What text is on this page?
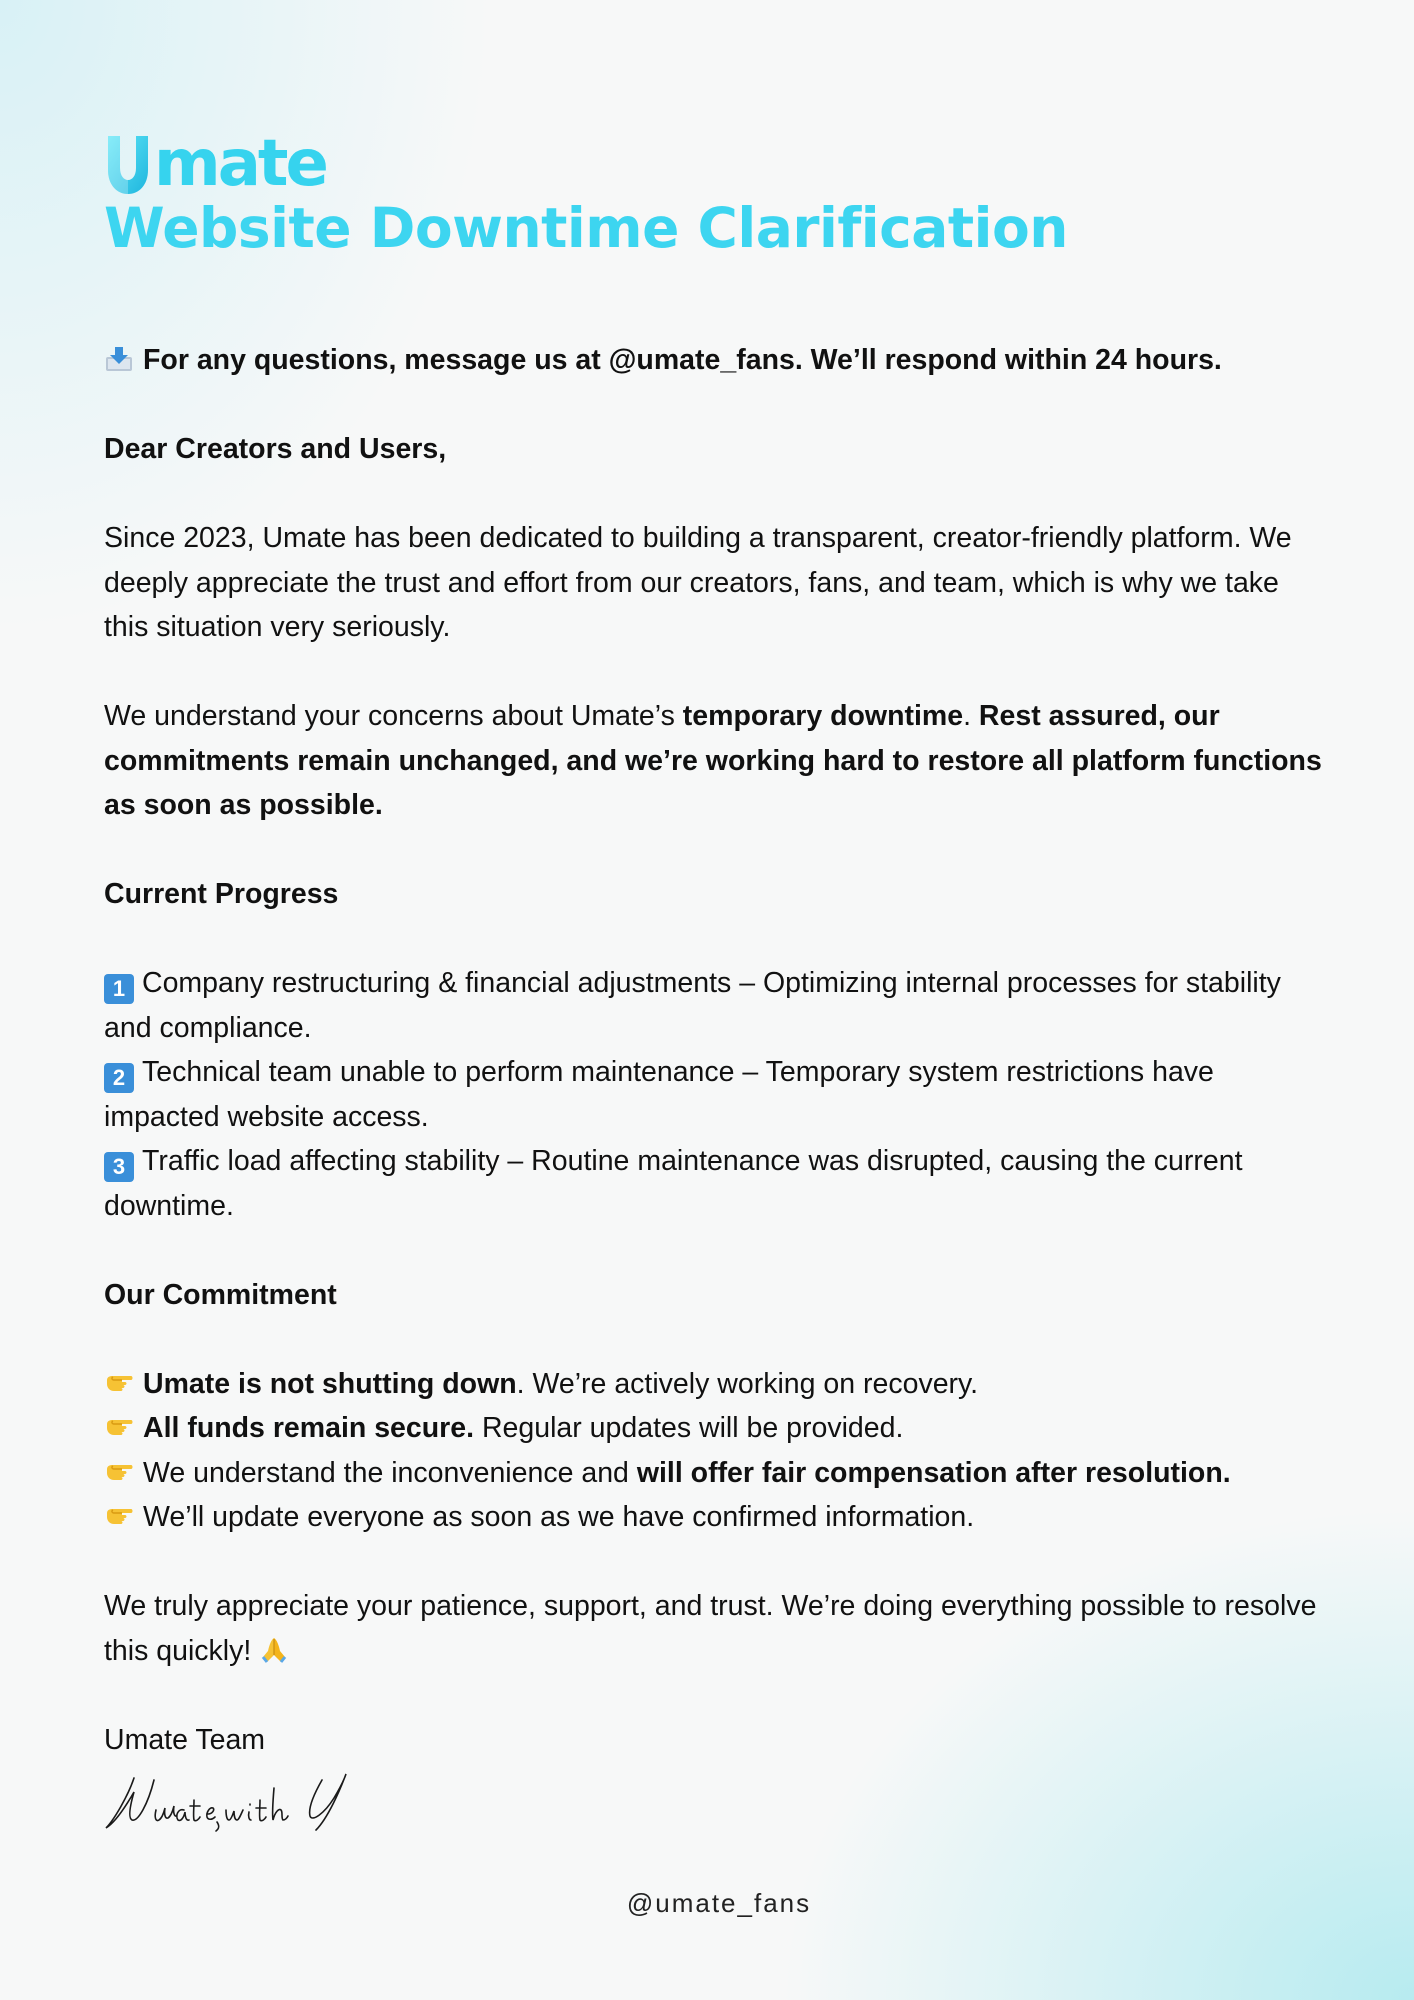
mate
Website Downtime Clarification

For any questions, message us at @umate_fans. We’ll respond within 24 hours.

Dear Creators and Users,

Since 2023, Umate has been dedicated to building a transparent, creator-friendly platform. We deeply appreciate the trust and effort from our creators, fans, and team, which is why we take this situation very seriously.

We understand your concerns about Umate’s temporary downtime. Rest assured, our commitments remain unchanged, and we’re working hard to restore all platform functions as soon as possible.

Current Progress

1 Company restructuring & financial adjustments – Optimizing internal processes for stability and compliance.
2 Technical team unable to perform maintenance – Temporary system restrictions have impacted website access.
3 Traffic load affecting stability – Routine maintenance was disrupted, causing the current downtime.

Our Commitment

Umate is not shutting down. We’re actively working on recovery.
All funds remain secure. Regular updates will be provided.
We understand the inconvenience and will offer fair compensation after resolution.
We’ll update everyone as soon as we have confirmed information.

We truly appreciate your patience, support, and trust. We’re doing everything possible to resolve this quickly!

Umate Team

@umate_fans
